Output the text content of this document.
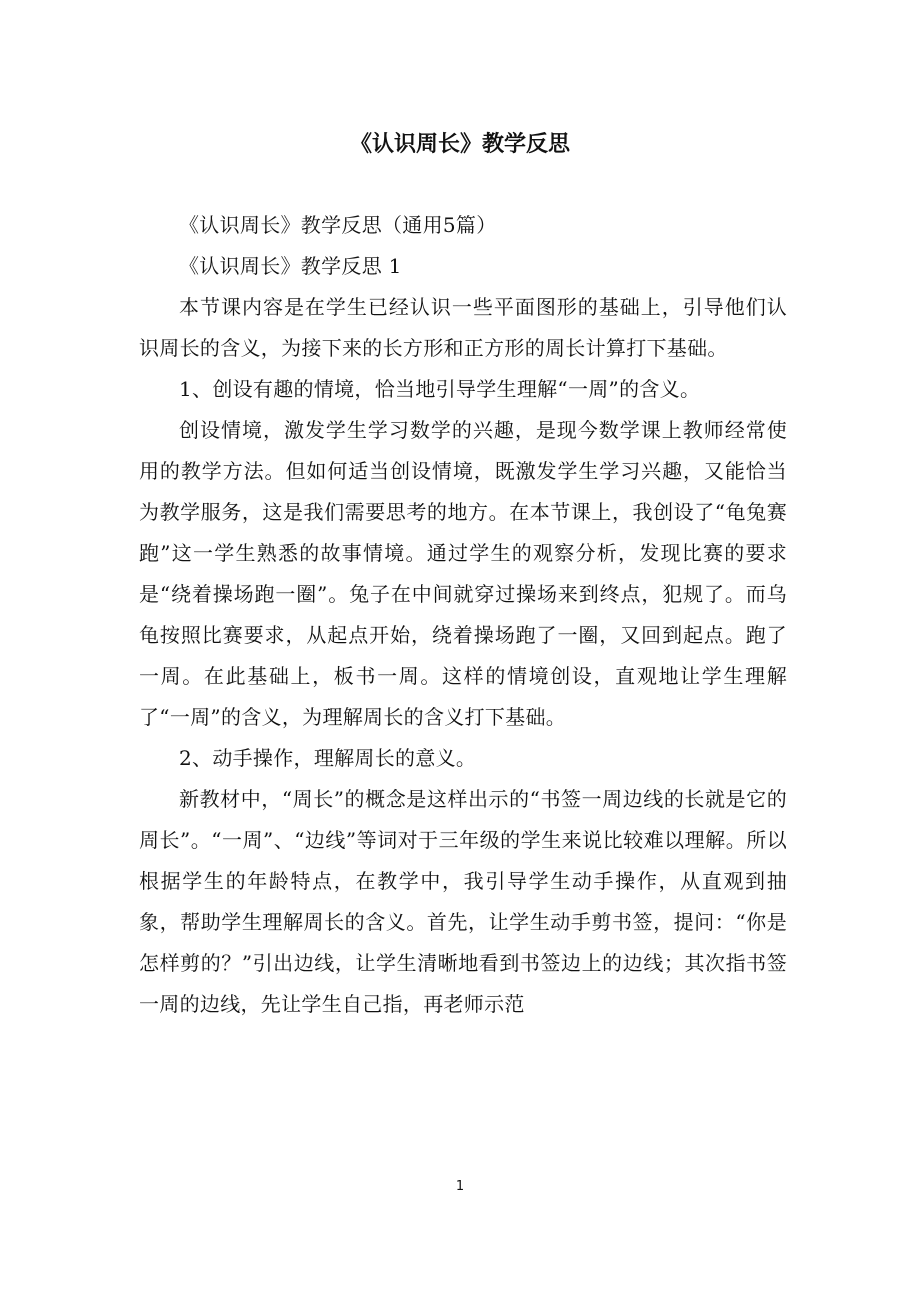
《认识周长》教学反思

《认识周长》教学反思（通用5篇）

《认识周长》教学反思 1

本节课内容是在学生已经认识一些平面图形的基础上，引导他们认识周长的含义，为接下来的长方形和正方形的周长计算打下基础。

1、创设有趣的情境，恰当地引导学生理解“一周”的含义。

创设情境，激发学生学习数学的兴趣，是现今数学课上教师经常使用的教学方法。但如何适当创设情境，既激发学生学习兴趣，又能恰当为教学服务，这是我们需要思考的地方。在本节课上，我创设了“龟兔赛跑”这一学生熟悉的故事情境。通过学生的观察分析，发现比赛的要求是“绕着操场跑一圈”。兔子在中间就穿过操场来到终点，犯规了。而乌龟按照比赛要求，从起点开始，绕着操场跑了一圈，又回到起点。跑了一周。在此基础上，板书一周。这样的情境创设，直观地让学生理解了“一周”的含义，为理解周长的含义打下基础。

2、动手操作，理解周长的意义。

新教材中，“周长”的概念是这样出示的“书签一周边线的长就是它的周长”。“一周”、“边线”等词对于三年级的学生来说比较难以理解。所以根据学生的年龄特点，在教学中，我引导学生动手操作，从直观到抽象，帮助学生理解周长的含义。首先，让学生动手剪书签，提问：“你是怎样剪的？”引出边线，让学生清晰地看到书签边上的边线；其次指书签一周的边线，先让学生自己指，再老师示范

1
